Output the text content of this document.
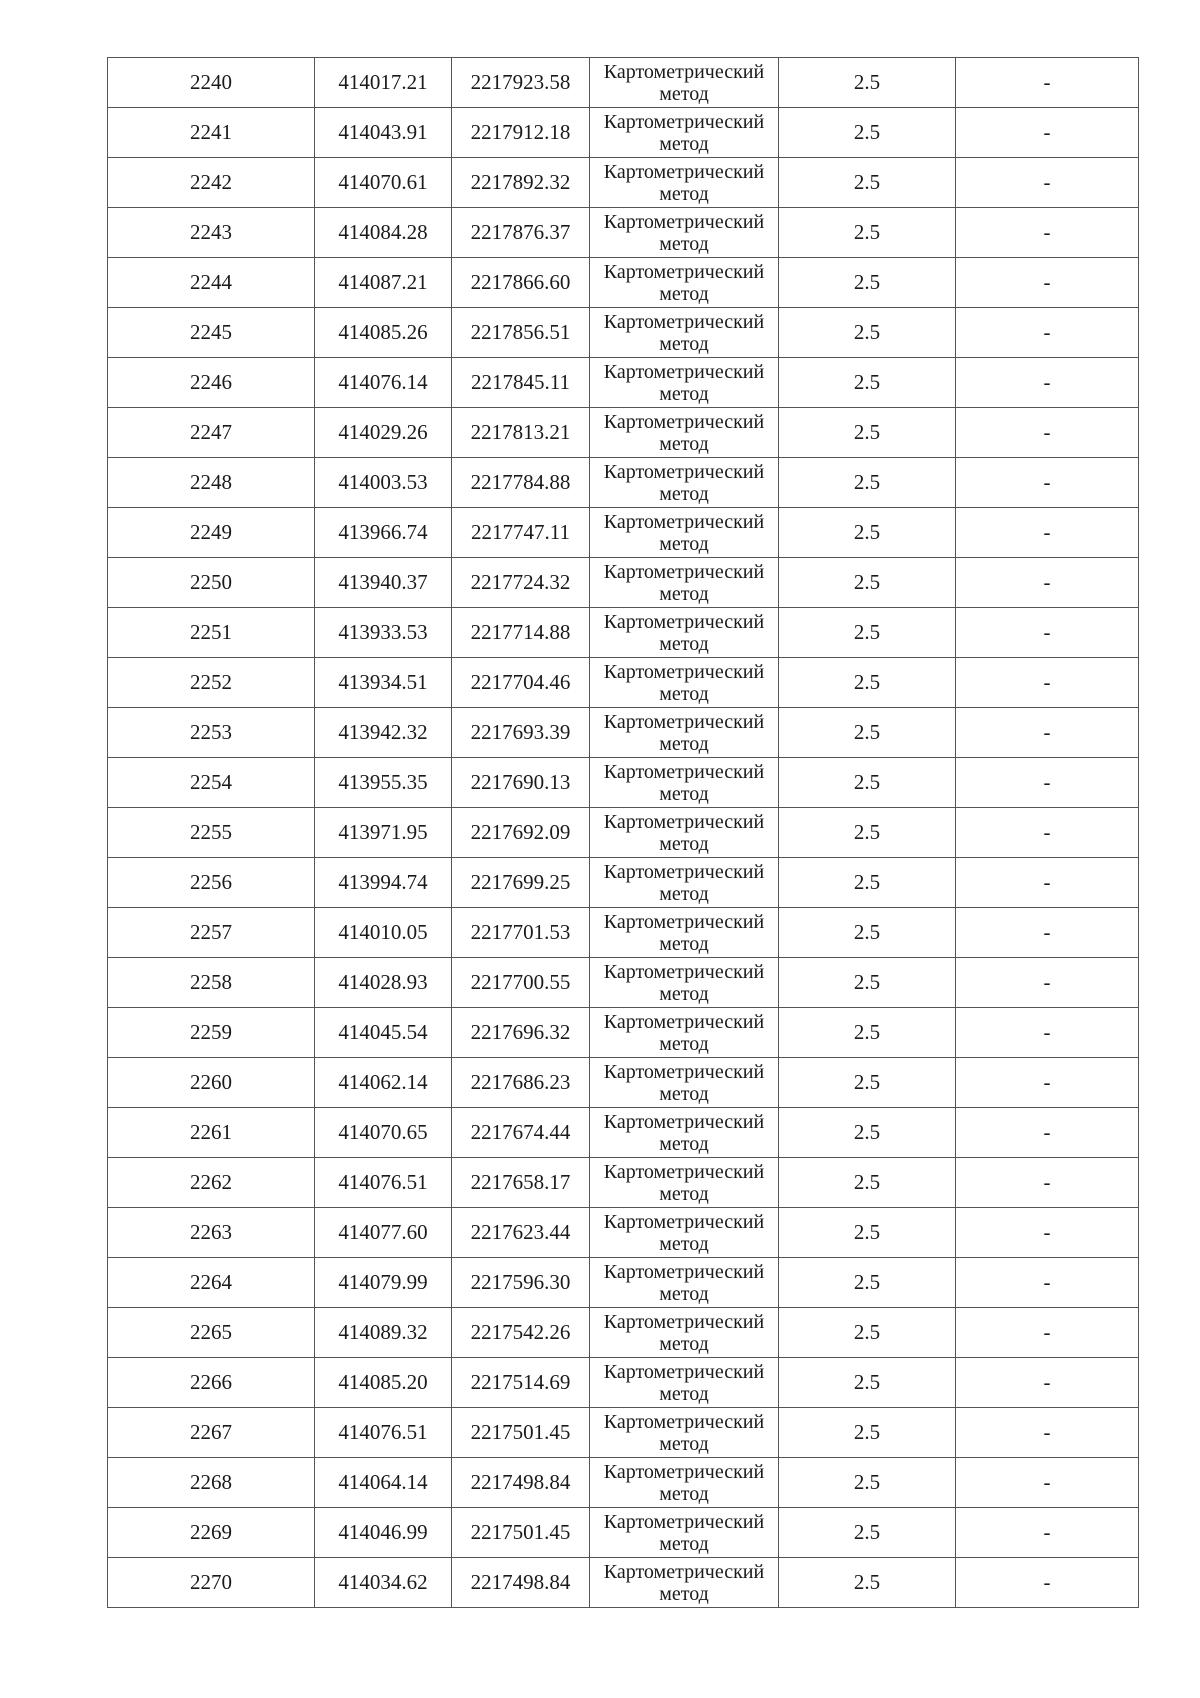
2240	414017.21	2217923.58	Картометрический
метод	2.5	-
2241	414043.91	2217912.18	Картометрический
метод	2.5	-
2242	414070.61	2217892.32	Картометрический
метод	2.5	-
2243	414084.28	2217876.37	Картометрический
метод	2.5	-
2244	414087.21	2217866.60	Картометрический
метод	2.5	-
2245	414085.26	2217856.51	Картометрический
метод	2.5	-
2246	414076.14	2217845.11	Картометрический
метод	2.5	-
2247	414029.26	2217813.21	Картометрический
метод	2.5	-
2248	414003.53	2217784.88	Картометрический
метод	2.5	-
2249	413966.74	2217747.11	Картометрический
метод	2.5	-
2250	413940.37	2217724.32	Картометрический
метод	2.5	-
2251	413933.53	2217714.88	Картометрический
метод	2.5	-
2252	413934.51	2217704.46	Картометрический
метод	2.5	-
2253	413942.32	2217693.39	Картометрический
метод	2.5	-
2254	413955.35	2217690.13	Картометрический
метод	2.5	-
2255	413971.95	2217692.09	Картометрический
метод	2.5	-
2256	413994.74	2217699.25	Картометрический
метод	2.5	-
2257	414010.05	2217701.53	Картометрический
метод	2.5	-
2258	414028.93	2217700.55	Картометрический
метод	2.5	-
2259	414045.54	2217696.32	Картометрический
метод	2.5	-
2260	414062.14	2217686.23	Картометрический
метод	2.5	-
2261	414070.65	2217674.44	Картометрический
метод	2.5	-
2262	414076.51	2217658.17	Картометрический
метод	2.5	-
2263	414077.60	2217623.44	Картометрический
метод	2.5	-
2264	414079.99	2217596.30	Картометрический
метод	2.5	-
2265	414089.32	2217542.26	Картометрический
метод	2.5	-
2266	414085.20	2217514.69	Картометрический
метод	2.5	-
2267	414076.51	2217501.45	Картометрический
метод	2.5	-
2268	414064.14	2217498.84	Картометрический
метод	2.5	-
2269	414046.99	2217501.45	Картометрический
метод	2.5	-
2270	414034.62	2217498.84	Картометрический
метод	2.5	-
